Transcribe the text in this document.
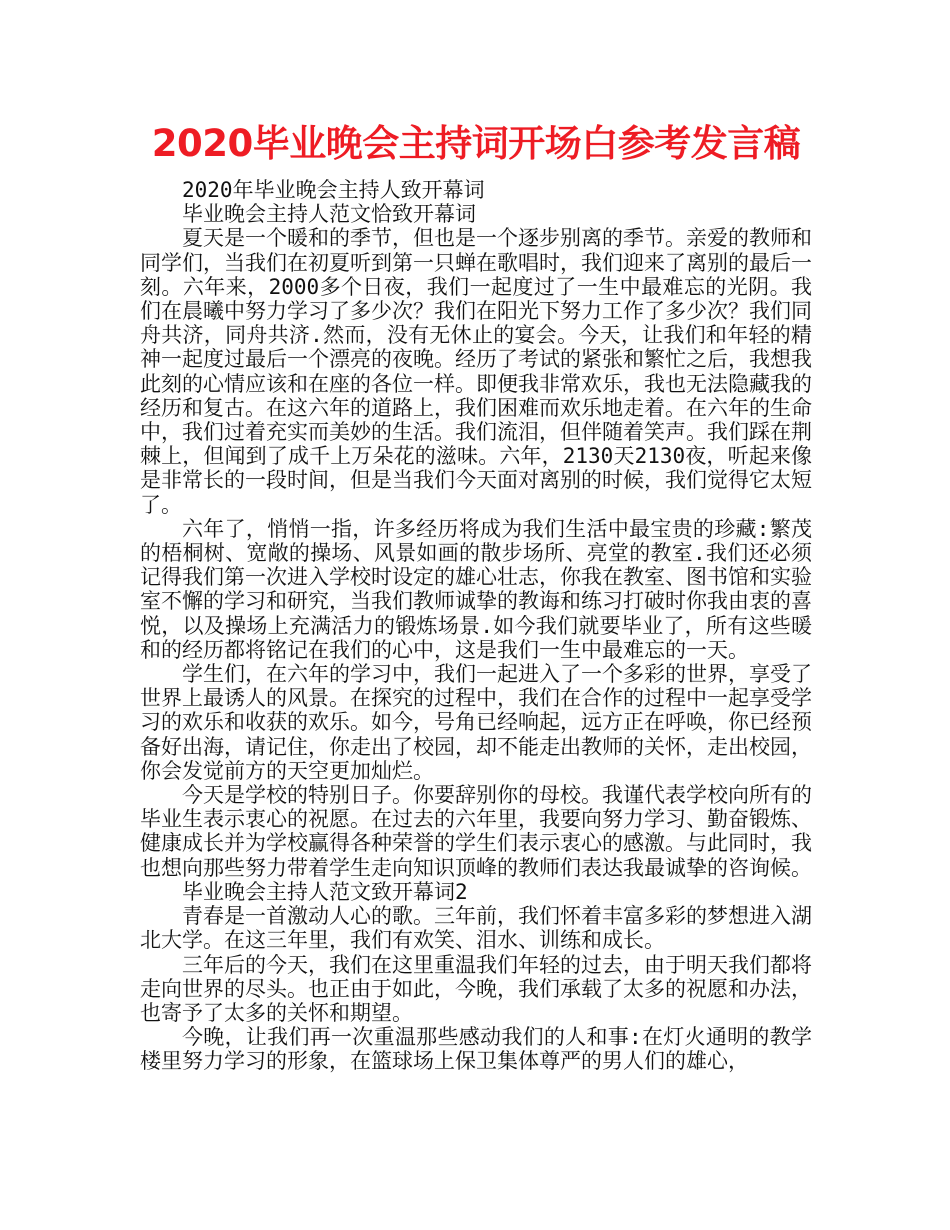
2020毕业晚会主持词开场白参考发言稿

2020年毕业晚会主持人致开幕词

毕业晚会主持人范文恰致开幕词

夏天是一个暖和的季节，但也是一个逐步别离的季节。亲爱的教师和同学们，当我们在初夏听到第一只蝉在歌唱时，我们迎来了离别的最后一刻。六年来，2000多个日夜，我们一起度过了一生中最难忘的光阴。我们在晨曦中努力学习了多少次？我们在阳光下努力工作了多少次？我们同舟共济，同舟共济.然而，没有无休止的宴会。今天，让我们和年轻的精神一起度过最后一个漂亮的夜晚。经历了考试的紧张和繁忙之后，我想我此刻的心情应该和在座的各位一样。即便我非常欢乐，我也无法隐藏我的经历和复古。在这六年的道路上，我们困难而欢乐地走着。在六年的生命中，我们过着充实而美妙的生活。我们流泪，但伴随着笑声。我们踩在荆棘上，但闻到了成千上万朵花的滋味。六年，2130天2130夜，听起来像是非常长的一段时间，但是当我们今天面对离别的时候，我们觉得它太短了。

六年了，悄悄一指，许多经历将成为我们生活中最宝贵的珍藏:繁茂的梧桐树、宽敞的操场、风景如画的散步场所、亮堂的教室.我们还必须记得我们第一次进入学校时设定的雄心壮志，你我在教室、图书馆和实验室不懈的学习和研究，当我们教师诚挚的教诲和练习打破时你我由衷的喜悦，以及操场上充满活力的锻炼场景.如今我们就要毕业了，所有这些暖和的经历都将铭记在我们的心中，这是我们一生中最难忘的一天。

学生们，在六年的学习中，我们一起进入了一个多彩的世界，享受了世界上最诱人的风景。在探究的过程中，我们在合作的过程中一起享受学习的欢乐和收获的欢乐。如今，号角已经响起，远方正在呼唤，你已经预备好出海，请记住，你走出了校园，却不能走出教师的关怀，走出校园，你会发觉前方的天空更加灿烂。

今天是学校的特别日子。你要辞别你的母校。我谨代表学校向所有的毕业生表示衷心的祝愿。在过去的六年里，我要向努力学习、勤奋锻炼、健康成长并为学校赢得各种荣誉的学生们表示衷心的感激。与此同时，我也想向那些努力带着学生走向知识顶峰的教师们表达我最诚挚的咨询候。

毕业晚会主持人范文致开幕词2

青春是一首激动人心的歌。三年前，我们怀着丰富多彩的梦想进入湖北大学。在这三年里，我们有欢笑、泪水、训练和成长。

三年后的今天，我们在这里重温我们年轻的过去，由于明天我们都将走向世界的尽头。也正由于如此，今晚，我们承载了太多的祝愿和办法，也寄予了太多的关怀和期望。

今晚，让我们再一次重温那些感动我们的人和事:在灯火通明的教学楼里努力学习的形象，在篮球场上保卫集体尊严的男人们的雄心，
